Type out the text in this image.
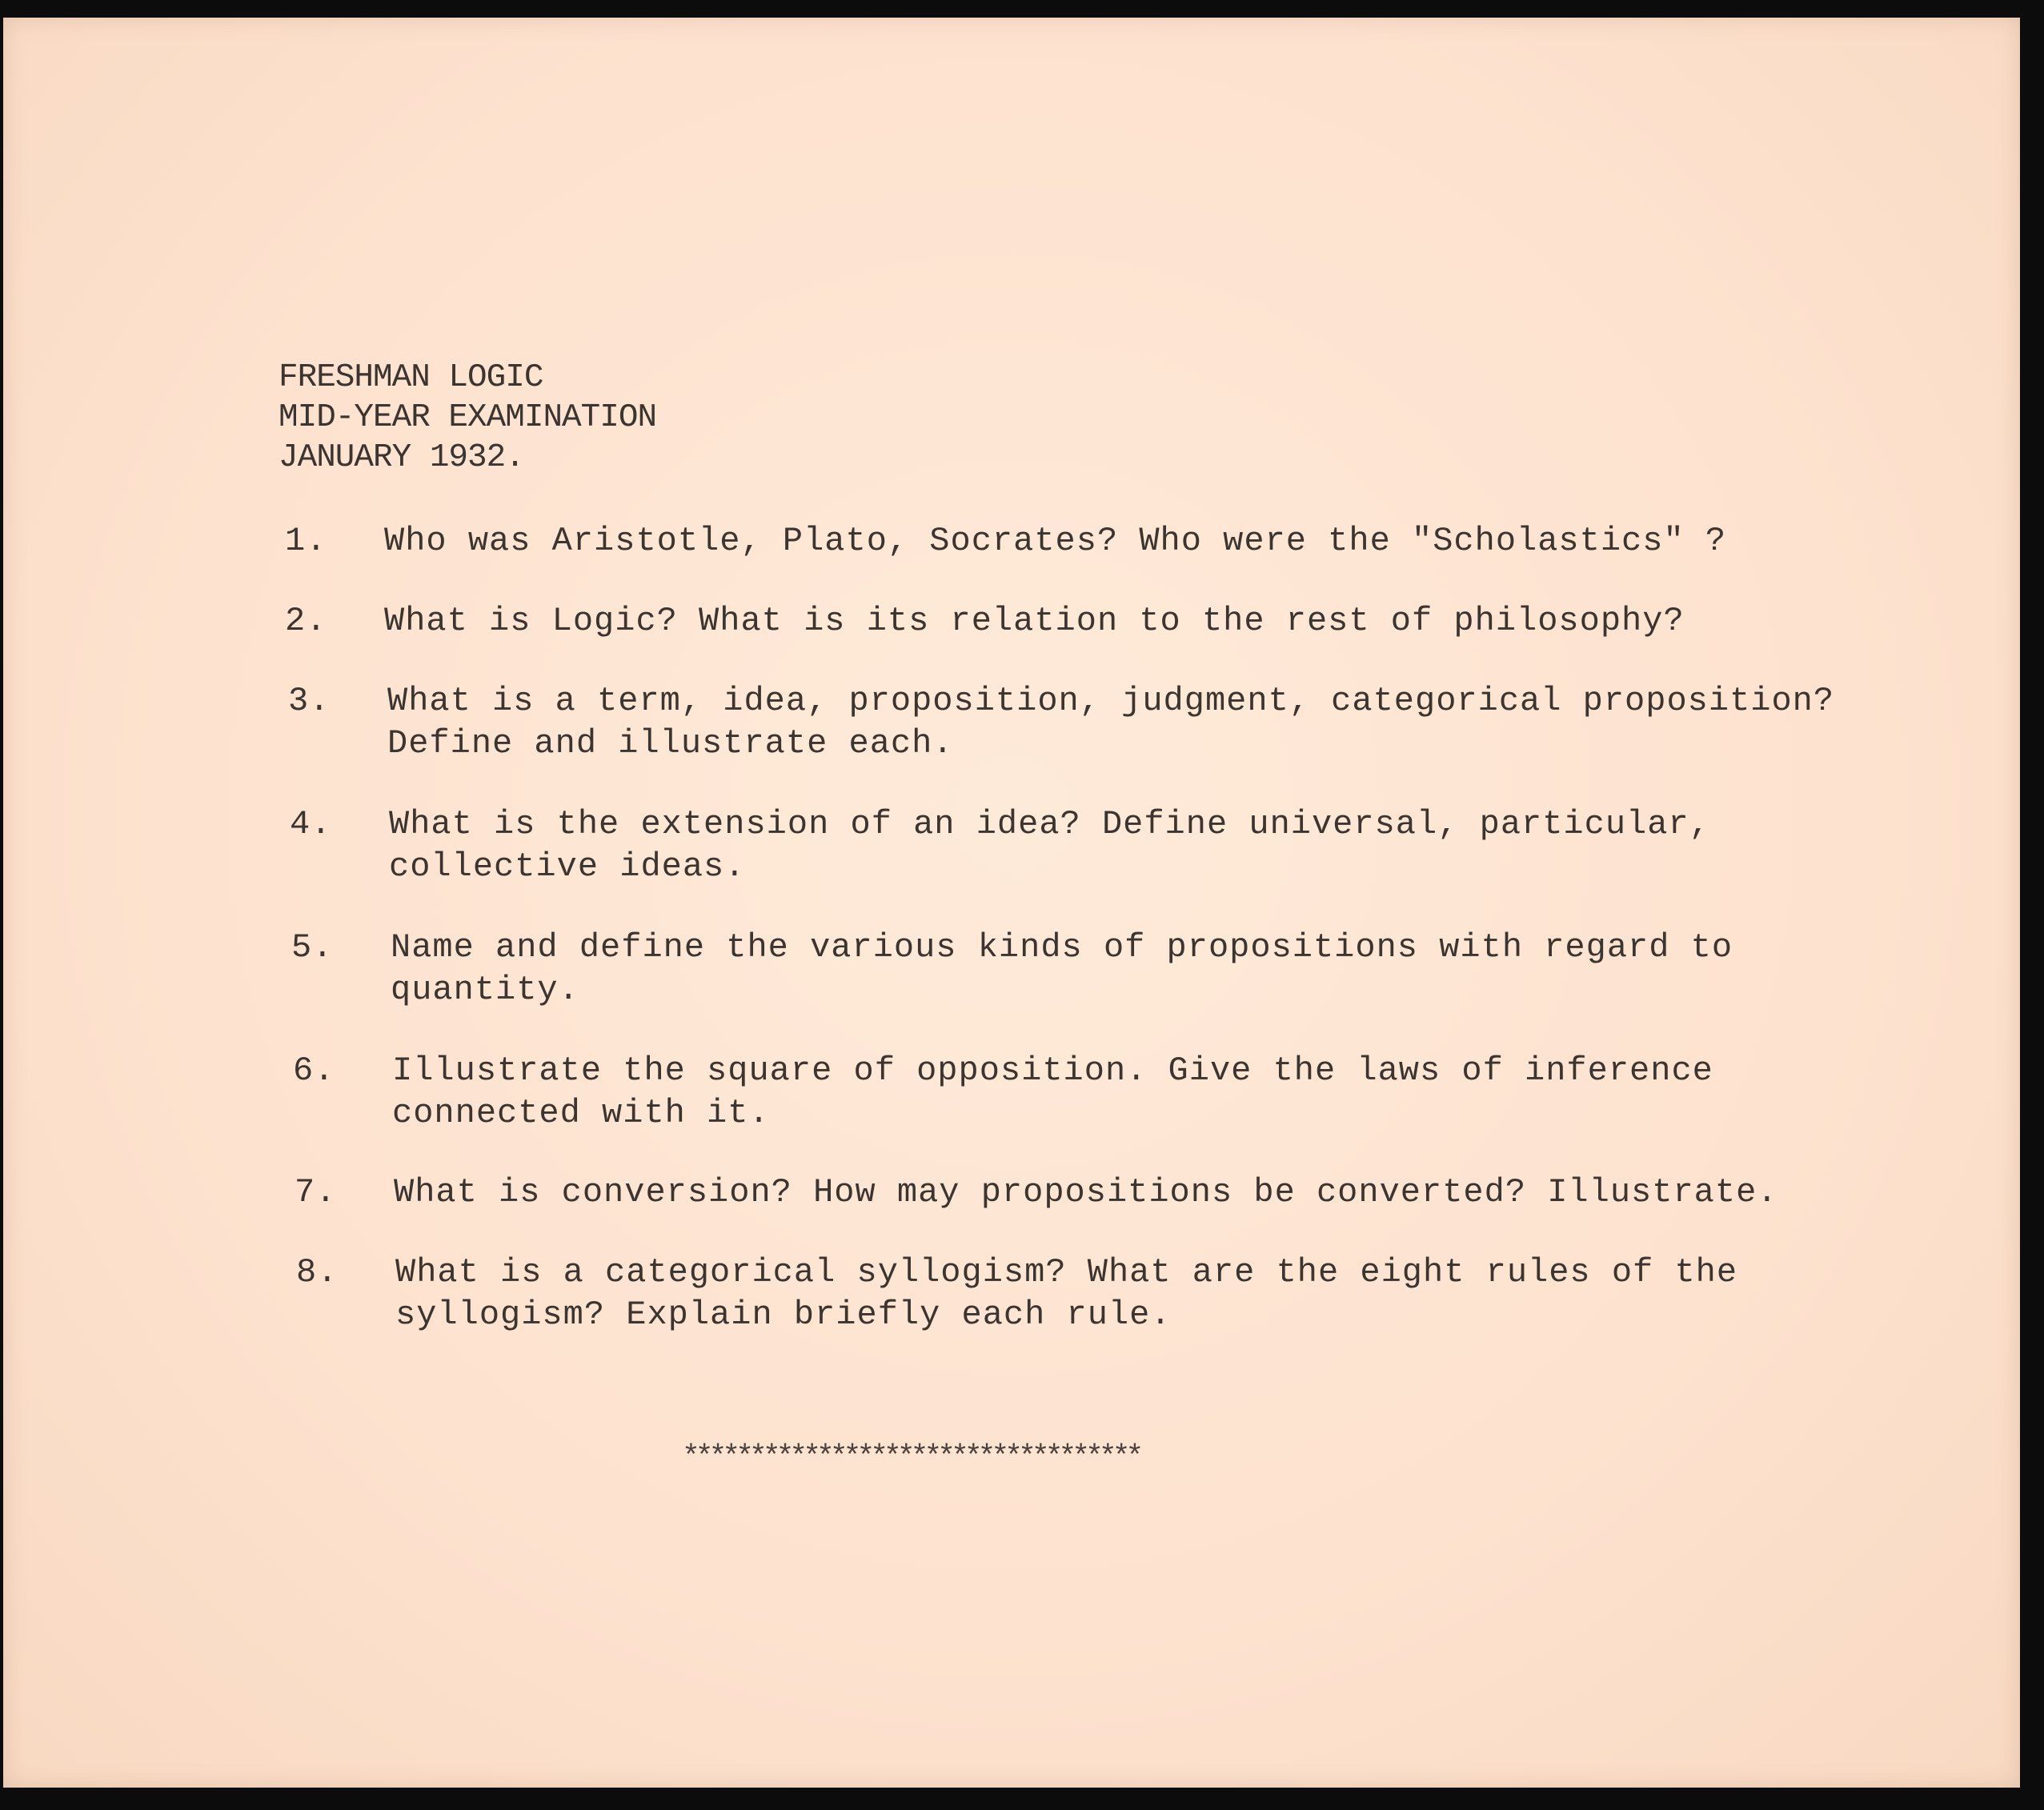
FRESHMAN LOGIC
MID-YEAR EXAMINATION
JANUARY 1932.
1. Who was Aristotle, Plato, Socrates? Who were the "Scholastics" ?
2. What is Logic? What is its relation to the rest of philosophy?
3. What is a term, idea, proposition, judgment, categorical proposition?
Define and illustrate each.
4. What is the extension of an idea? Define universal, particular,
collective ideas.
5. Name and define the various kinds of propositions with regard to
quantity.
6. Illustrate the square of opposition. Give the laws of inference
connected with it.
7. What is conversion? How may propositions be converted? Illustrate.
8. What is a categorical syllogism? What are the eight rules of the
syllogism? Explain briefly each rule.
**********************************
